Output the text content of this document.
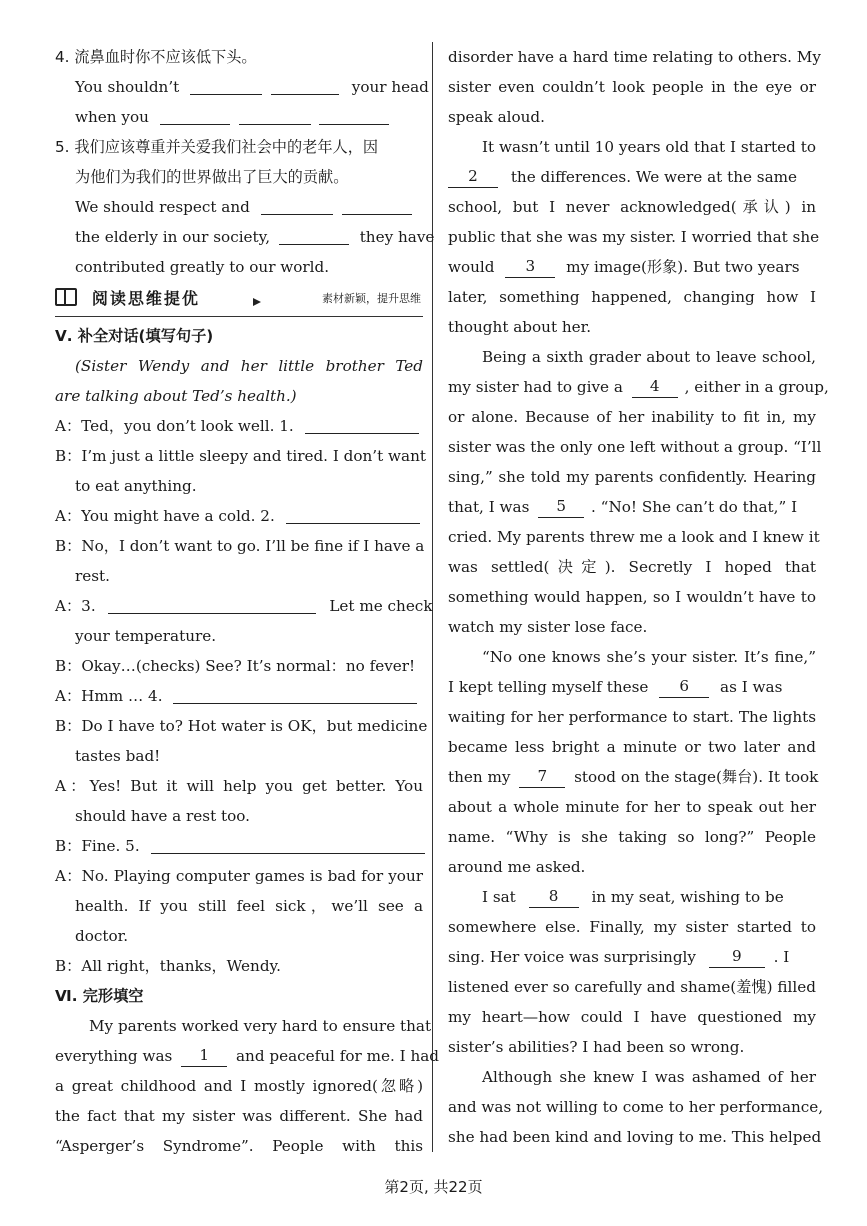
4. 流鼻血时你不应该低下头。
You shouldn’t	your head
when you
5. 我们应该尊重并关爱我们社会中的老年人，因
为他们为我们的世界做出了巨大的贡献。
We should respect and
the elderly in our society,	they have
contributed greatly to our world.
阅读思维提优	素材新颖，提升思维
Ⅴ. 补全对话(填写句子)
(Sister Wendy and her little brother Ted
are talking about Ted’s health.)
A：Ted，you don’t look well. 1.
B：I’m just a little sleepy and tired. I don’t want
to eat anything.
A：You might have a cold. 2.
B：No，I don’t want to go. I’ll be fine if I have a
rest.
A：3.	Let me check
your temperature.
B：Okay…(checks) See? It’s normal：no fever!
A：Hmm … 4.
B：Do I have to? Hot water is OK，but medicine
tastes bad!
A：Yes! But it will help you get better. You
should have a rest too.
B：Fine. 5.
A：No. Playing computer games is bad for your
health. If you still feel sick，we’ll see a
doctor.
B：All right，thanks，Wendy.
Ⅵ. 完形填空
My parents worked very hard to ensure that
everything was 1 and peaceful for me. I had
a great childhood and I mostly ignored(忽略)
the fact that my sister was different. She had
“Asperger’s Syndrome”. People with this
disorder have a hard time relating to others. My
sister even couldn’t look people in the eye or
speak aloud.
It wasn’t until 10 years old that I started to
2 the differences. We were at the same
school, but I never acknowledged(承认) in
public that she was my sister. I worried that she
would 3 my image(形象). But two years
later, something happened, changing how I
thought about her.
Being a sixth grader about to leave school,
my sister had to give a 4 , either in a group,
or alone. Because of her inability to fit in, my
sister was the only one left without a group. “I’ll
sing,” she told my parents confidently. Hearing
that, I was 5 . “No! She can’t do that,” I
cried. My parents threw me a look and I knew it
was settled(决定). Secretly I hoped that
something would happen, so I wouldn’t have to
watch my sister lose face.
“No one knows she’s your sister. It’s fine,”
I kept telling myself these 6 as I was
waiting for her performance to start. The lights
became less bright a minute or two later and
then my 7 stood on the stage(舞台). It took
about a whole minute for her to speak out her
name. “Why is she taking so long?” People
around me asked.
I sat 8 in my seat, wishing to be
somewhere else. Finally, my sister started to
sing. Her voice was surprisingly 9 . I
listened ever so carefully and shame(羞愧) filled
my heart—how could I have questioned my
sister’s abilities? I had been so wrong.
Although she knew I was ashamed of her
and was not willing to come to her performance,
she had been kind and loving to me. This helped
第2页, 共22页
